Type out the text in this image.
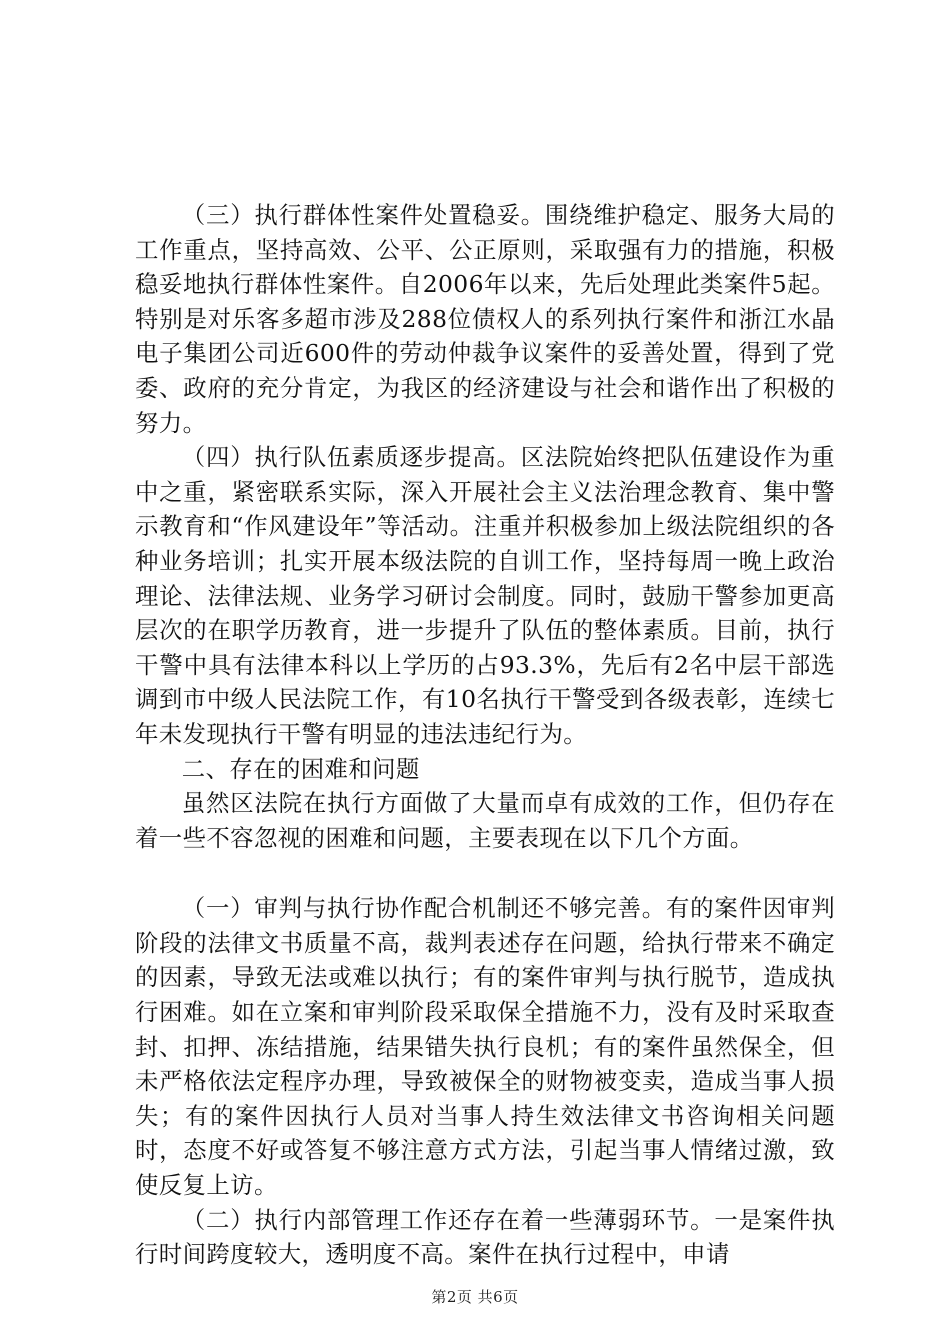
（三）执行群体性案件处置稳妥。围绕维护稳定、服务大局的工作重点，坚持高效、公平、公正原则，采取强有力的措施，积极稳妥地执行群体性案件。自2006年以来，先后处理此类案件5起。特别是对乐客多超市涉及288位债权人的系列执行案件和浙江水晶电子集团公司近600件的劳动仲裁争议案件的妥善处置，得到了党委、政府的充分肯定，为我区的经济建设与社会和谐作出了积极的努力。

（四）执行队伍素质逐步提高。区法院始终把队伍建设作为重中之重，紧密联系实际，深入开展社会主义法治理念教育、集中警示教育和“作风建设年”等活动。注重并积极参加上级法院组织的各种业务培训；扎实开展本级法院的自训工作，坚持每周一晚上政治理论、法律法规、业务学习研讨会制度。同时，鼓励干警参加更高层次的在职学历教育，进一步提升了队伍的整体素质。目前，执行干警中具有法律本科以上学历的占93.3%，先后有2名中层干部选调到市中级人民法院工作，有10名执行干警受到各级表彰，连续七年未发现执行干警有明显的违法违纪行为。

二、存在的困难和问题

虽然区法院在执行方面做了大量而卓有成效的工作，但仍存在着一些不容忽视的困难和问题，主要表现在以下几个方面。

（一）审判与执行协作配合机制还不够完善。有的案件因审判阶段的法律文书质量不高，裁判表述存在问题，给执行带来不确定的因素，导致无法或难以执行；有的案件审判与执行脱节，造成执行困难。如在立案和审判阶段采取保全措施不力，没有及时采取查封、扣押、冻结措施，结果错失执行良机；有的案件虽然保全，但未严格依法定程序办理，导致被保全的财物被变卖，造成当事人损失；有的案件因执行人员对当事人持生效法律文书咨询相关问题时，态度不好或答复不够注意方式方法，引起当事人情绪过激，致使反复上访。

（二）执行内部管理工作还存在着一些薄弱环节。一是案件执行时间跨度较大，透明度不高。案件在执行过程中，申请

第2页 共6页
